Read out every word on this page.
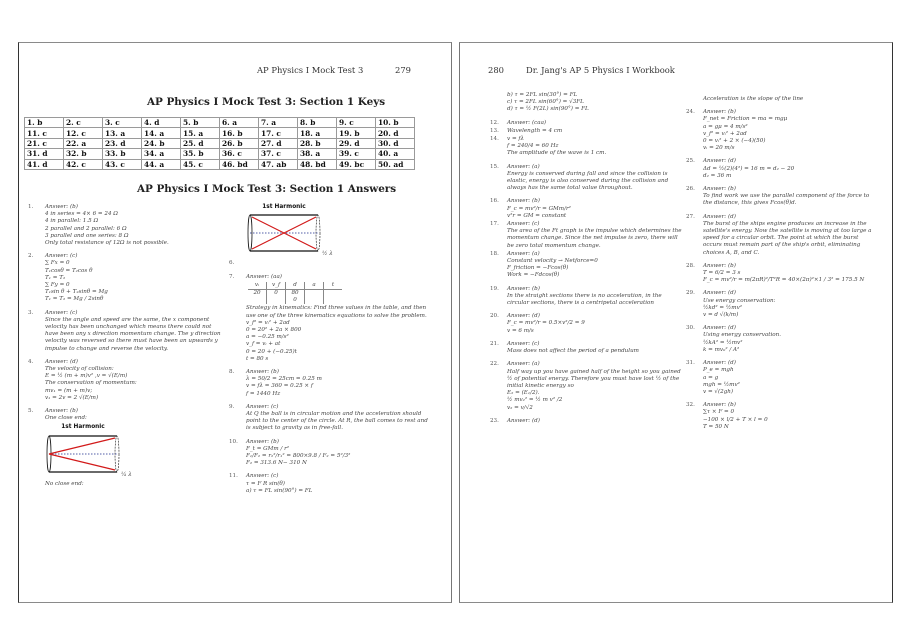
AP Physics I Mock Test 3	279
AP Physics I Mock Test 3: Section 1 Keys
1. b	2. c	3. c	4. d	5. b	6. a	7. a	8. b	9. c	10. b
11. c	12. c	13. a	14. a	15. a	16. b	17. c	18. a	19. b	20. d
21. c	22. a	23. d	24. b	25. d	26. b	27. d	28. b	29. d	30. d
31. d	32. b	33. b	34. a	35. b	36. c	37. c	38. a	39. c	40. a
41. d	42. c	43. c	44. a	45. c	46. bd	47. ab	48. bd	49. bc	50. ad
AP Physics I Mock Test 3: Section 1 Answers
1.	Answer: (b)
4 in series = 4× 6 = 24 Ω
4 in parallel: 1.5 Ω
2 parallel and 2 parallel: 6 Ω
3 parallel and one series: 8 Ω
Only total resistance of 12Ω is not possible.
2.	Answer: (c)
∑ Fx = 0
T₁cosθ = T₂cos θ
T₁ = T₂
∑ Fy = 0
T₁sin θ + T₂sinθ = Mg
T₁ = T₂ = Mg / 2sinθ
3.	Answer: (c)
Since the angle and speed are the same, the x component velocity has been unchanged which means there could not have been any x direction momentum change. The y direction velocity was reversed so there must have been an upwards y impulse to change and reverse the velocity.
4.	Answer: (d)
The velocity of collision:
E = ½ (m + m)v² ,v = √(E/m)
The conservation of momentum:
mv₁ = (m + m)v;
v₁ = 2v = 2 √(E/m)
5.	Answer: (b)
One close end:
1st Harmonic
¼ λ
No close end:
1st Harmonic
½ λ
6.
7.	Answer: (aa)
vᵢ	v_f	d	a	t
20	0	80		
		0		
Strategy in kinematics: Find three values in the table, and then use one of the three kinematics equations to solve the problem.
v_f² = vᵢ² + 2ad
0 = 20² + 2a × 800
a = −0.25 m/s²
v_f = vᵢ + at
0 = 20 + (−0.25)t
t = 80 s
8.	Answer: (b)
λ = 50/2 = 25cm = 0.25 m
v = fλ = 360 = 0.25 × f
f = 1440 Hz
9.	Answer: (c)
At Q the ball is in circular motion and the acceleration should point to the center of the circle. At R, the ball comes to rest and is subject to gravity as in free-fall.
10.	Answer: (b)
F_t = GMm / r²
F₁/F₂ = r₂²/r₁² = 800×9.8 / F₂ = 5²/3²
F₂ = 313.6 N− 310 N
11.	Answer: (c)
τ = F R sin(θ)
a) τ = FL sin(90°) = FL
280	Dr. Jang's AP 5 Physics I Workbook
b) τ = 2FL sin(30°) = FL
c) τ = 2FL sin(60°) = √3FL
d) τ = ½ F(2L) sin(90°) = FL
12.	Answer: (caa)
13.	Wavelength = 4 cm
14.	v = fλ
f = 240/4 = 60 Hz
The amplitude of the wave is 1 cm.
15.	Answer: (a)
Energy is conserved during fall and since the collision is elastic, energy is also conserved during the collision and always has the same total value throughout.
16.	Answer: (b)
F_c = mv²/r = GMm/r²
v²r = GM = constant
17.	Answer: (c)
The area of the Ft graph is the impulse which determines the momentum change. Since the net impulse is zero, there will be zero total momentum change.
18.	Answer: (a)
Constant velocity → Netforce=0
F_friction = −Fcos(θ)
Work = −Fdcos(θ)
19.	Answer: (b)
In the straight sections there is no acceleration, in the circular sections, there is a centripetal acceleration
20.	Answer: (d)
F_c = mv²/r = 0.5×v²/2 = 9
v = 6 m/s
21.	Answer: (c)
Mass does not affect the period of a pendulum
22.	Answer: (a)
Half way up you have gained half of the height so you gained ½ of potential energy. Therefore you must have lost ½ of the initial kinetic energy so
E₂ = (E₁/2).
½ mv₂² = ½ m v² /2
v₂ = v/√2
23.	Answer: (d)
Acceleration is the slope of the line
24.	Answer: (b)
F_net = Friction = ma = mgμ
a = gμ = 4 m/s²
v_f² = vᵢ² + 2ad
0 = vᵢ² + 2 × (−4)(50)
vᵢ = 20 m/s
25.	Answer: (d)
Δd = ½(2)(4²) = 16 m = d₂ − 20
d₂ = 36 m
26.	Answer: (b)
To find work we use the parallel component of the force to the distance, this gives Fcos(θ)d.
27.	Answer: (d)
The burst of the ships engine produces an increase in the satellite's energy. Now the satellite is moving at too large a speed for a circular orbit. The point at which the burst occurs must remain part of the ship's orbit, eliminating choices A, B, and C.
28.	Answer: (b)
T = 6/2 = 3 s
F_c = mv²/r = m(2πR)²/T²R = 40×(2π)²×1 / 3² = 175.5 N
29.	Answer: (d)
Use energy conservation:
½kd² = ½mv²
v = d √(k/m)
30.	Answer: (d)
Using energy conservation.
½kA² = ½mv²
k = mv₀² / A²
31.	Answer: (d)
P_e = mgh
a = g
mgh = ½mv²
v = √(2gh)
32.	Answer: (b)
∑τ × F = 0
−100 × l/2 + T × l = 0
T = 50 N
